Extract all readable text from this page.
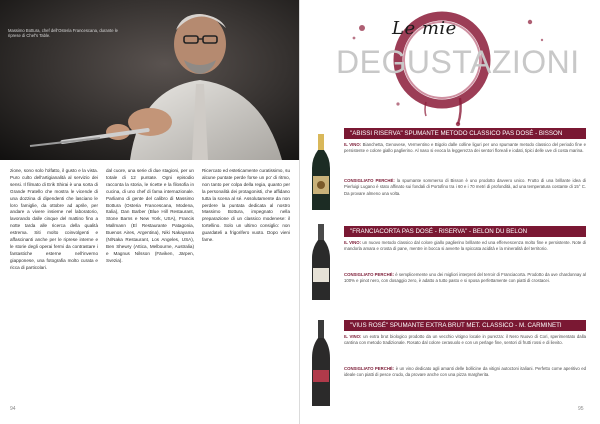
Massimo Bottura, chef dell'Osteria Francescana, durante le riprese di Chef's Table.
zione, sono solo l'olfatto, il gusto e la vista. Puro culto dell'artigianalità al servizio dei sensi. Il filmato di Erik Shirai è una sorta di Grande Fratello che mostra le vicende di una dozzina di dipendenti che lasciano le loro famiglie, da ottobre ad aprile, per andare a vivere insieme nel laboratorio, lavorando dalle cinque del mattino fino a notte tarda alle ricerca della qualità estrema. Siti molto coinvolgenti e affascinanti anche per le riprese interne e le storie degli operai fermi da contrastare i fantastiche esterne nell'inverno giapponese, una fotografia molto curata e ricca di particolari.
dal cuore, una serie di due stagioni, per un totale di 12 puntate. Ogni episodio racconta la storia, le ricette e la filosofia in cucina, di uno chef di fama internazionale. Parliamo di gente del calibro di Massimo Bottura (Osteria Francescana, Modena, Italia), Dan Barber (Blue Hill Restaurant, Stone Barns e New York, USA), Francis Mallmann (El Restaurante Patagonia, Buenos Aires, Argentina), Niki Nakayama (N/Naka Restaurant, Los Angeles, USA), Ben Shewry (Attica, Melbourne, Australia) e Magnus Nilsson (Fäviken, Järpen, Svezia).
Ricercato ed esteticamente curatissimo, su alcune puntate perde forse un po' di ritmo, non tanto per colpa della regia, quanto per la personalità dei protagonisti, che affidano tutta la scena al sé. Assolutamente da non perdere la puntata dedicata al nostro Massimo Bottura, impegnato nella preparazione di un classico modenese: il tortellino. Solo un ultimo consiglio: non guardateli a frigorifero vuoto. Dopo vieni fame.
94
Le mie
DEGUSTAZIONI
"ABISSI RISERVA" SPUMANTE METODO CLASSICO PAS DOSÉ - BISSON
IL VINO: Bianchetta, Genovese, Vermentino e Bigolo dalle colline liguri per uno spumante metodo classico del periodo fine e persistente e colore giallo paglierino. Al naso si evoca la leggerezza dei sentori floreali e iodati, tipici delle uve di costa marina.
CONSIGLIATO PERCHÉ: la spumante sommerso di Bisson è uno prodotto davvero unico. Frutto di una brillante idea di Pierluigi Lugano è stato affinato sui fondali di Portofino tra i 60 e i 70 metri di profondità, ad una temperatura costante di 15° C. Da provare almeno una volta.
"FRANCIACORTA PAS DOSÉ - RISERVA" - BELON DU BELON
IL VINO: un nuovo metodo classico dal colore giallo paglierino brillante ed una effervescenza molto fine e persistente. Note di mandorla amara e crosta di pane, mentre in bocca si avverte la spiccata acidità e la mineralità del territorio.
CONSIGLIATO PERCHÉ: è semplicemente uno dei migliori interpreti del terroir di Franciacorta. Prodotto da uve chardonnay al 100% e pinot nero, con dosaggio zero, è adatto a tutto pasto e si sposa perfettamente con piatti di crostacei.
"VIUS ROSÉ" SPUMANTE EXTRA BRUT MET. CLASSICO - M. CARMINETI
IL VINO: un extra brut biologico prodotto da un vecchio vitigno locale in purezza: il Nero Nuovo di Cori, sperimentato dalla cantina con metodo tradizionale. Rosato dal colore cerasuolo e con un perlage fine, sentori di frutti rossi e di lievito.
CONSIGLIATO PERCHÉ: è un vino dedicato agli amanti delle bollicine da vitigni autoctoni italiani. Perfetto come aperitivo ed ideale con piatti di pesce crudo, da provare anche con una pizza margherita.
95
